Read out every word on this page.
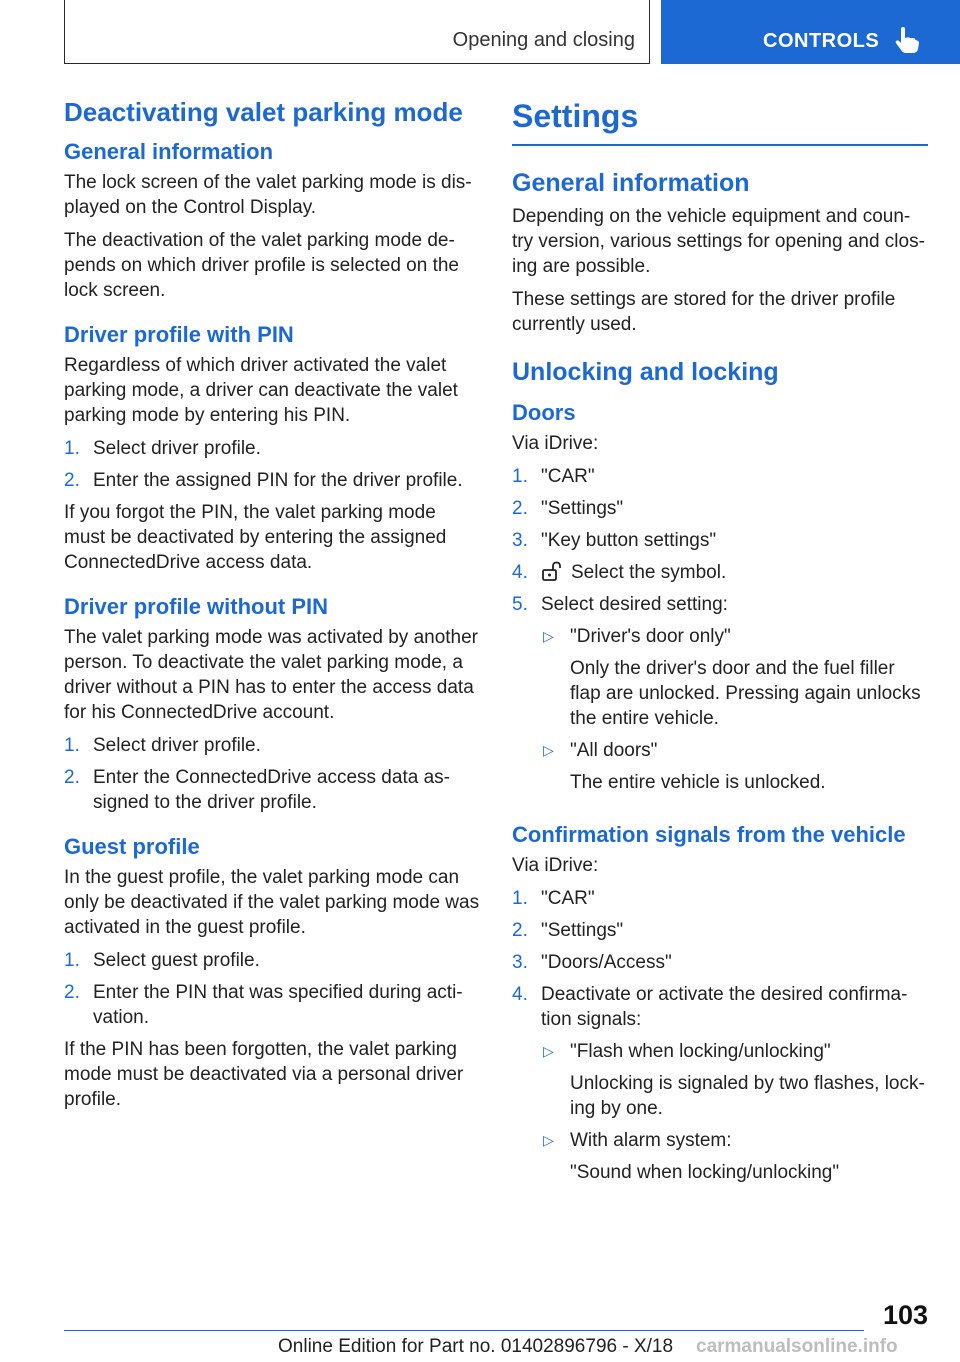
Opening and closing	CONTROLS
Deactivating valet parking mode
General information

The lock screen of the valet parking mode is dis-played on the Control Display.

The deactivation of the valet parking mode de-pends on which driver profile is selected on the lock screen.

Driver profile with PIN

Regardless of which driver activated the valet parking mode, a driver can deactivate the valet parking mode by entering his PIN.

1. Select driver profile.
2. Enter the assigned PIN for the driver profile.

If you forgot the PIN, the valet parking mode must be deactivated by entering the assigned ConnectedDrive access data.

Driver profile without PIN

The valet parking mode was activated by another person. To deactivate the valet parking mode, a driver without a PIN has to enter the access data for his ConnectedDrive account.

1. Select driver profile.
2. Enter the ConnectedDrive access data as-signed to the driver profile.
Guest profile

In the guest profile, the valet parking mode can only be deactivated if the valet parking mode was activated in the guest profile.

1. Select guest profile.
2. Enter the PIN that was specified during acti-vation.

If the PIN has been forgotten, the valet parking mode must be deactivated via a personal driver profile.

Settings
General information

Depending on the vehicle equipment and coun-try version, various settings for opening and clos-ing are possible.

These settings are stored for the driver profile currently used.

Unlocking and locking
Doors

Via iDrive:

1. "CAR"
2. "Settings"
3. "Key button settings"
4. Select the symbol.
5. Select desired setting:
▷ "Driver's door only"
Only the driver's door and the fuel filler flap are unlocked. Pressing again unlocks the entire vehicle.
▷ "All doors"
The entire vehicle is unlocked.
Confirmation signals from the vehicle

Via iDrive:

1. "CAR"
2. "Settings"
3. "Doors/Access"
4. Deactivate or activate the desired confirma-tion signals:
▷ "Flash when locking/unlocking"
Unlocking is signaled by two flashes, lock-ing by one.
▷ With alarm system:
"Sound when locking/unlocking"
103
Online Edition for Part no. 01402896796 - X/18 carmanualsonline.info
